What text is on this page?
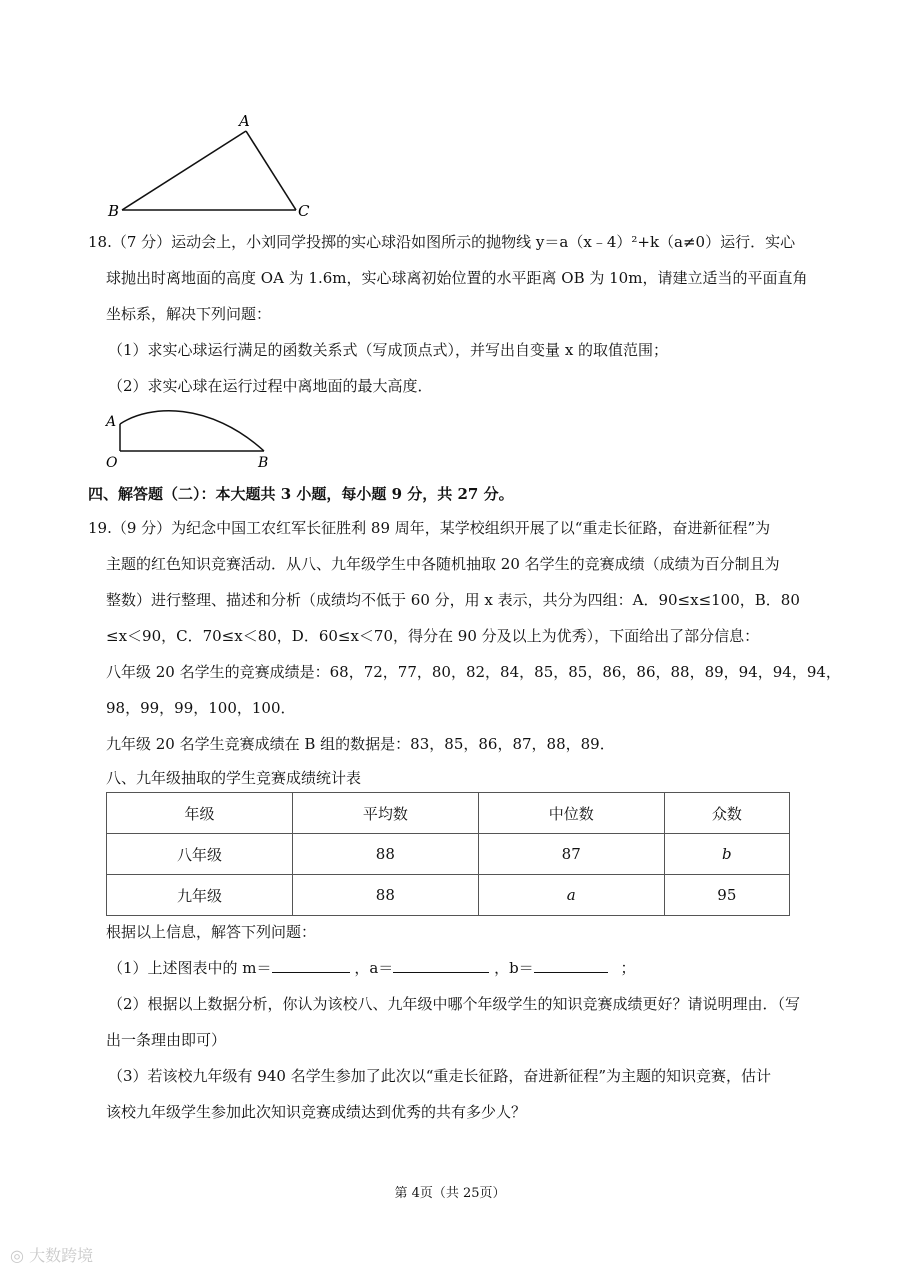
A
B	C
18.（7 分）运动会上，小刘同学投掷的实心球沿如图所示的抛物线 y＝a（x﹣4）²+k（a≠0）运行．实心
球抛出时离地面的高度 OA 为 1.6m，实心球离初始位置的水平距离 OB 为 10m，请建立适当的平面直角
坐标系，解决下列问题：
（1）求实心球运行满足的函数关系式（写成顶点式），并写出自变量 x 的取值范围；
（2）求实心球在运行过程中离地面的最大高度．
A
O	B
四、解答题（二）：本大题共 3 小题，每小题 9 分，共 27 分。
19.（9 分）为纪念中国工农红军长征胜利 89 周年，某学校组织开展了以“重走长征路，奋进新征程”为
主题的红色知识竞赛活动．从八、九年级学生中各随机抽取 20 名学生的竞赛成绩（成绩为百分制且为
整数）进行整理、描述和分析（成绩均不低于 60 分，用 x 表示，共分为四组：A．90≤x≤100，B．80
≤x＜90，C．70≤x＜80，D．60≤x＜70，得分在 90 分及以上为优秀），下面给出了部分信息：
八年级 20 名学生的竞赛成绩是：68，72，77，80，82，84，85，85，86，86，88，89，94，94，94，
98，99，99，100，100．
九年级 20 名学生竞赛成绩在 B 组的数据是：83，85，86，87，88，89．
八、九年级抽取的学生竞赛成绩统计表
年级	平均数	中位数	众数
八年级	88	87	b
九年级	88	a	95
根据以上信息，解答下列问题：
（1）上述图表中的 m＝	，a＝	，b＝	；
（2）根据以上数据分析，你认为该校八、九年级中哪个年级学生的知识竞赛成绩更好？请说明理由．（写
出一条理由即可）
（3）若该校九年级有 940 名学生参加了此次以“重走长征路，奋进新征程”为主题的知识竞赛，估计
该校九年级学生参加此次知识竞赛成绩达到优秀的共有多少人？
第 4页（共 25页）
◎ 大数跨境
